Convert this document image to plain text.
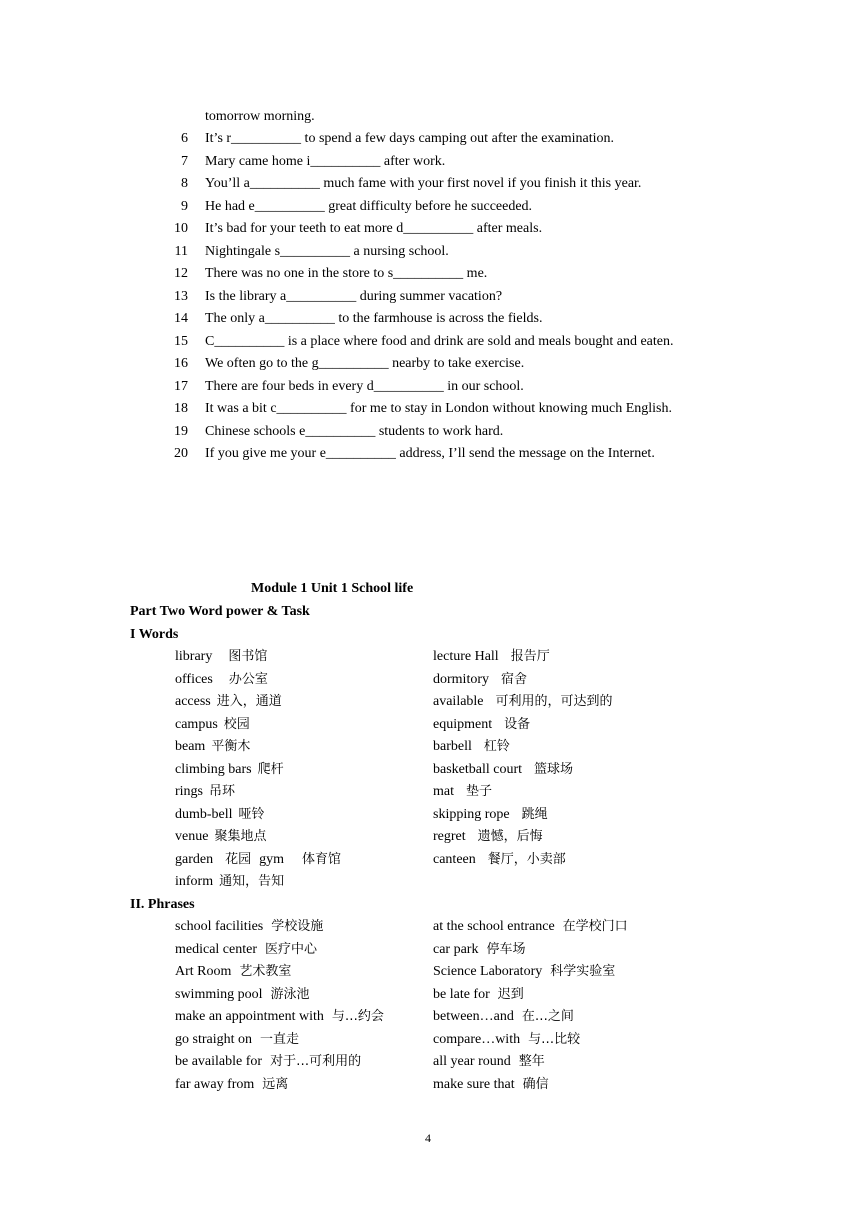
tomorrow morning.
6 It’s r__________ to spend a few days camping out after the examination.
7 Mary came home i__________ after work.
8 You’ll a__________ much fame with your first novel if you finish it this year.
9 He had e__________ great difficulty before he succeeded.
10 It’s bad for your teeth to eat more d__________ after meals.
11 Nightingale s__________ a nursing school.
12 There was no one in the store to s__________ me.
13 Is the library a__________ during summer vacation?
14 The only a__________ to the farmhouse is across the fields.
15 C__________ is a place where food and drink are sold and meals bought and eaten.
16 We often go to the g__________ nearby to take exercise.
17 There are four beds in every d__________ in our school.
18 It was a bit c__________ for me to stay in London without knowing much English.
19 Chinese schools e__________ students to work hard.
20 If you give me your e__________ address, I’ll send the message on the Internet.
Module 1 Unit 1 School life
Part Two Word power & Task
I Words
library 图书馆
offices 办公室
access 进入，通道
campus 校园
beam 平衡木
climbing bars 爬杆
rings 吊环
dumb-bell 哑铃
venue 聚集地点
garden 花园 gym 体育馆
inform 通知，告知
lecture Hall 报告厅
dormitory 宿舍
available 可利用的，可达到的
equipment 设备
barbell 杠铃
basketball court 篮球场
mat 垫子
skipping rope 跳绳
regret 遗憾，后悔
canteen 餐厅，小卖部
II. Phrases
school facilities 学校设施
medical center 医疗中心
Art Room 艺术教室
swimming pool 游泳池
make an appointment with 与…约会
go straight on 一直走
be available for 对于…可利用的
far away from 远离
at the school entrance 在学校门口
car park 停车场
Science Laboratory 科学实验室
be late for 迟到
between…and 在…之间
compare…with 与…比较
all year round 整年
make sure that 确信
4
